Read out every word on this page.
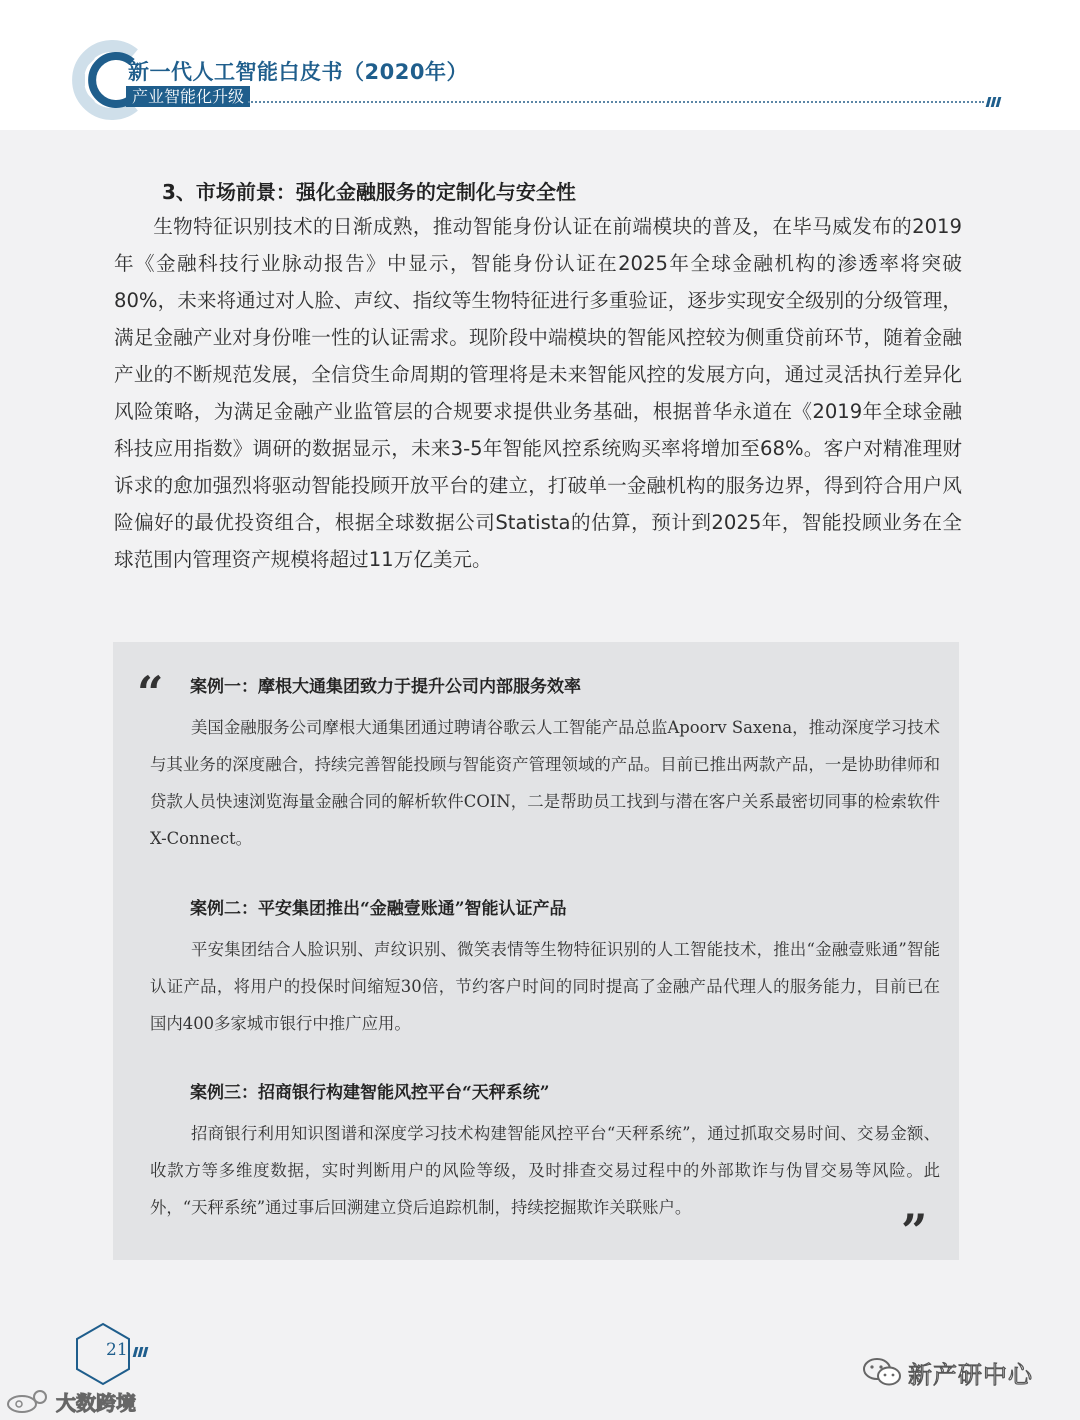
新一代人工智能白皮书（2020年）
产业智能化升级
3、市场前景：强化金融服务的定制化与安全性

生物特征识别技术的日渐成熟，推动智能身份认证在前端模块的普及，在毕马威发布的2019年《金融科技行业脉动报告》中显示，智能身份认证在2025年全球金融机构的渗透率将突破80%，未来将通过对人脸、声纹、指纹等生物特征进行多重验证，逐步实现安全级别的分级管理，满足金融产业对身份唯一性的认证需求。现阶段中端模块的智能风控较为侧重贷前环节，随着金融产业的不断规范发展，全信贷生命周期的管理将是未来智能风控的发展方向，通过灵活执行差异化风险策略，为满足金融产业监管层的合规要求提供业务基础，根据普华永道在《2019年全球金融科技应用指数》调研的数据显示，未来3-5年智能风控系统购买率将增加至68%。客户对精准理财诉求的愈加强烈将驱动智能投顾开放平台的建立，打破单一金融机构的服务边界，得到符合用户风险偏好的最优投资组合，根据全球数据公司Statista的估算，预计到2025年，智能投顾业务在全球范围内管理资产规模将超过11万亿美元。

“	案例一：摩根大通集团致力于提升公司内部服务效率

美国金融服务公司摩根大通集团通过聘请谷歌云人工智能产品总监Apoorv Saxena，推动深度学习技术与其业务的深度融合，持续完善智能投顾与智能资产管理领域的产品。目前已推出两款产品，一是协助律师和贷款人员快速浏览海量金融合同的解析软件COIN，二是帮助员工找到与潜在客户关系最密切同事的检索软件X-Connect。

案例二：平安集团推出“金融壹账通”智能认证产品

平安集团结合人脸识别、声纹识别、微笑表情等生物特征识别的人工智能技术，推出“金融壹账通”智能认证产品，将用户的投保时间缩短30倍，节约客户时间的同时提高了金融产品代理人的服务能力，目前已在国内400多家城市银行中推广应用。

案例三：招商银行构建智能风控平台“天秤系统”

招商银行利用知识图谱和深度学习技术构建智能风控平台“天秤系统”，通过抓取交易时间、交易金额、收款方等多维度数据，实时判断用户的风险等级，及时排查交易过程中的外部欺诈与伪冒交易等风险。此外，“天秤系统”通过事后回溯建立贷后追踪机制，持续挖掘欺诈关联账户。	”
21
新产研中心
大数跨境
